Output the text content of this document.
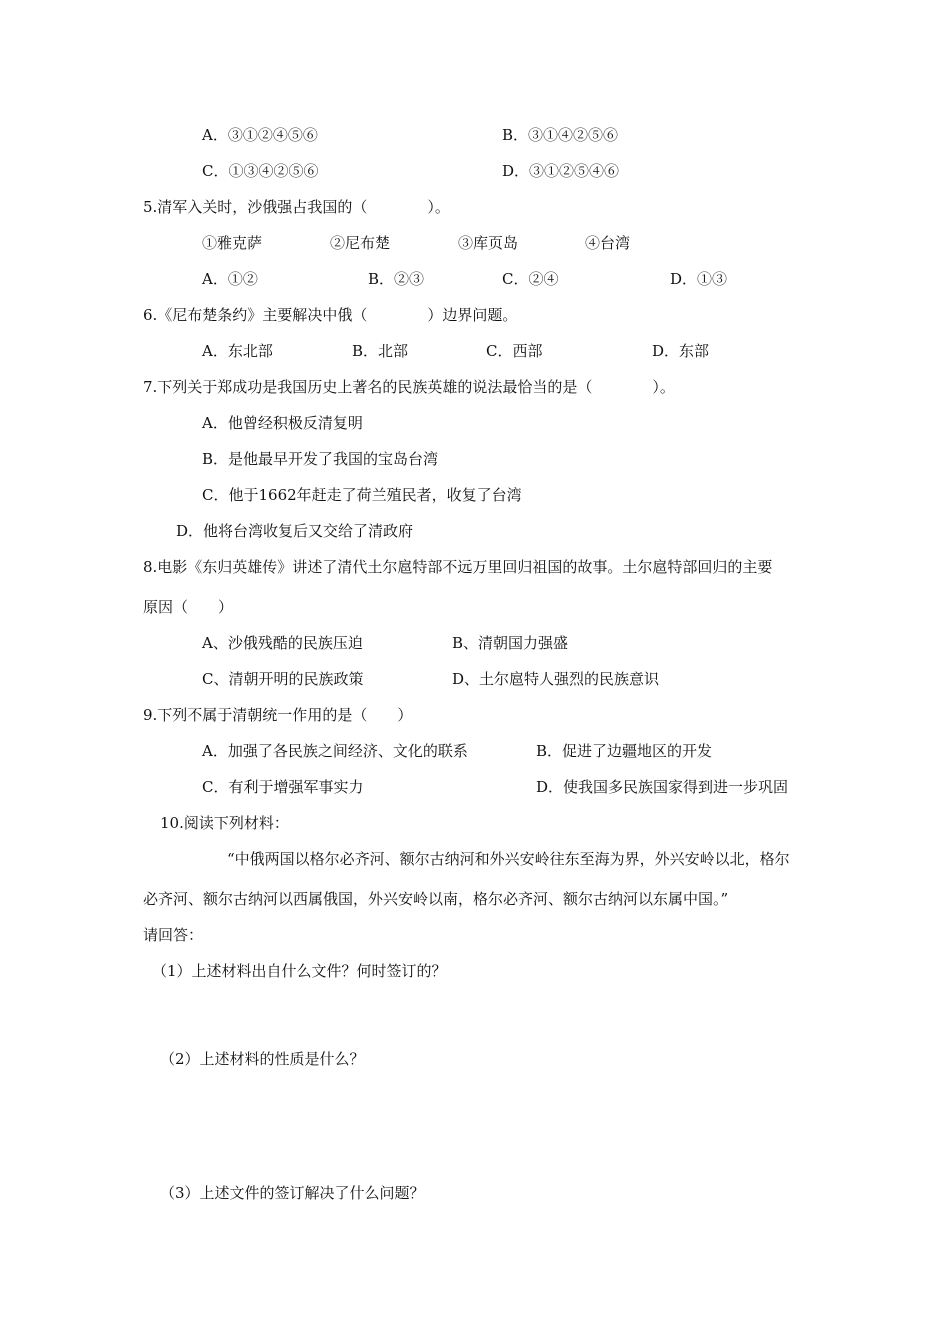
A．③①②④⑤⑥	B．③①④②⑤⑥
C．①③④②⑤⑥	D．③①②⑤④⑥
5.清军入关时，沙俄强占我国的（　　　　）。
①雅克萨	②尼布楚	③库页岛	④台湾
A．①②	B．②③	C．②④	D．①③
6.《尼布楚条约》主要解决中俄（　　　　）边界问题。
A．东北部	B．北部	C．西部	D．东部
7.下列关于郑成功是我国历史上著名的民族英雄的说法最恰当的是（　　　　）。
A．他曾经积极反清复明
B．是他最早开发了我国的宝岛台湾
C．他于1662年赶走了荷兰殖民者，收复了台湾
D．他将台湾收复后又交给了清政府
8.电影《东归英雄传》讲述了清代土尔扈特部不远万里回归祖国的故事。土尔扈特部回归的主要
原因（　　）
A、沙俄残酷的民族压迫	B、清朝国力强盛
C、清朝开明的民族政策	D、土尔扈特人强烈的民族意识
9.下列不属于清朝统一作用的是（　　）
A．加强了各民族之间经济、文化的联系	B．促进了边疆地区的开发
C．有利于增强军事实力	D．使我国多民族国家得到进一步巩固
10.阅读下列材料：
“中俄两国以格尔必齐河、额尔古纳河和外兴安岭往东至海为界，外兴安岭以北，格尔
必齐河、额尔古纳河以西属俄国，外兴安岭以南，格尔必齐河、额尔古纳河以东属中国。”
请回答：
（1）上述材料出自什么文件？何时签订的？
（2）上述材料的性质是什么？
（3）上述文件的签订解决了什么问题？
